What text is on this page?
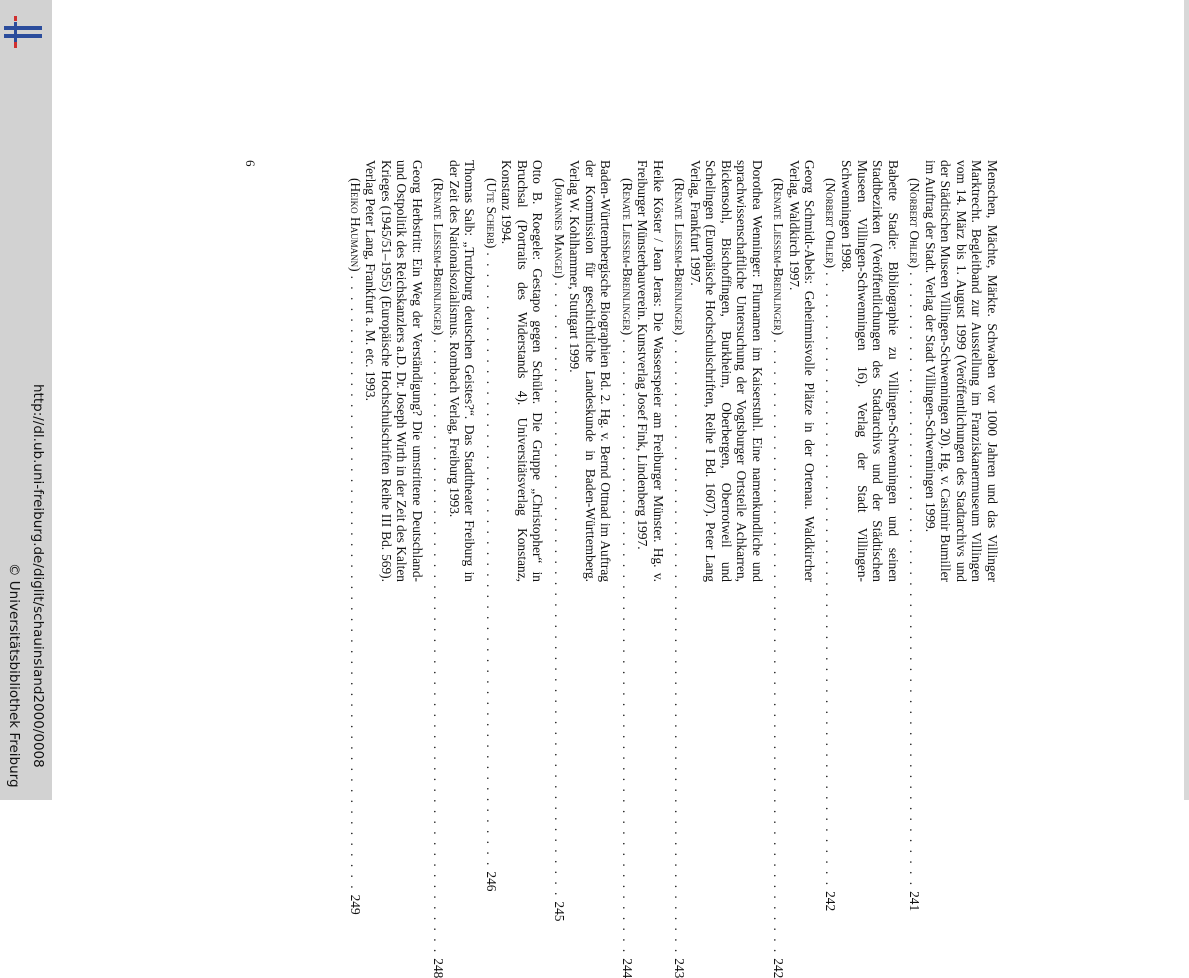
http://dl.ub.uni-freiburg.de/diglit/schauinsland2000/0008
© Universitätsbibliothek Freiburg
Menschen, Mächte, Märkte. Schwaben vor 1000 Jahren und das Villinger Marktrecht. Begleitband zur Ausstellung im Franziskanermuseum Villingen vom 14. März bis 1. August 1999 (Veröffentlichungen des Stadtarchivs und der Städtischen Museen Villingen-Schwenningen 20). Hg. v. Casimir Bumiller im Auftrag der Stadt. Verlag der Stadt Villingen-Schwenningen 1999.
(Norbert Ohler) . . .241
Babette Stadie: Bibliographie zu Villingen-Schwenningen und seinen Stadtbezirken (Veröffentlichungen des Stadtarchivs und der Städtischen Museen Villingen-Schwenningen 16). Verlag der Stadt Villingen-Schwenningen 1998.
(Norbert Ohler) . . .242
Georg Schmidt-Abels: Geheimnisvolle Plätze in der Ortenau. Waldkircher Verlag, Waldkirch 1997.
(Renate Liessem-Breinlinger) . . .242
Dorothea Wenninger: Flurnamen im Kaiserstuhl. Eine namenkundliche und sprachwissenschaftliche Untersuchung der Vogtsburger Ortsteile Achkarren, Bickensohl, Bischoffingen, Burkheim, Oberbergen, Oberrotweil und Schelingen (Europäische Hochschulschriften, Reihe I Bd. 1607). Peter Lang Verlag, Frankfurt 1997.
(Renate Liessem-Breinlinger) . . .243
Heike Köster / Jean Jeras: Die Wasserspeier am Freiburger Münster. Hg. v. Freiburger Münsterbauverein. Kunstverlag Josef Fink, Lindenberg 1997.
(Renate Liessem-Breinlinger) . . .244
Baden-Württembergische Biographien Bd. 2. Hg. v. Bernd Ottnad im Auftrag der Kommission für geschichtliche Landeskunde in Baden-Württemberg. Verlag W. Kohlhammer, Stuttgart 1999.
(Johannes Mangei) . . .245
Otto B. Roegele: Gestapo gegen Schüler. Die Gruppe „Christopher“ in Bruchsal (Portraits des Widerstands 4). Universitätsverlag Konstanz, Konstanz 1994.
(Ute Scherb) . . .246
Thomas Salb: „Trutzburg deutschen Geistes?“. Das Stadttheater Freiburg in der Zeit des Nationalsozialismus. Rombach Verlag, Freiburg 1993.
(Renate Liessem-Breinlinger) . . .248
Georg Herbstritt: Ein Weg der Verständigung? Die umstrittene Deutschland- und Ostpolitik des Reichskanzlers a.D. Dr. Joseph Wirth in der Zeit des Kalten Krieges (1945/51–1955) (Europäische Hochschulschriften Reihe III Bd. 569). Verlag Peter Lang, Frankfurt a. M. etc. 1993.
(Heiko Haumann) . . .249
6
